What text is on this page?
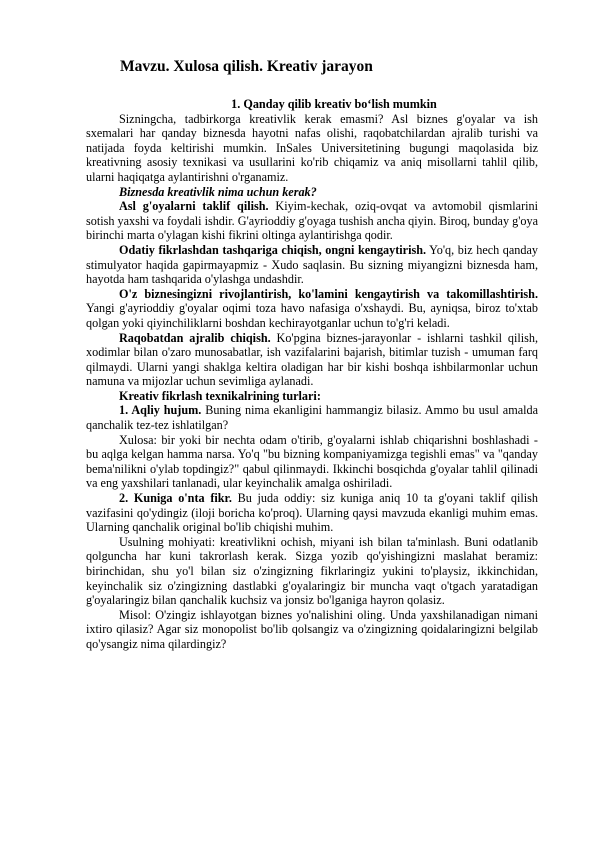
Mavzu. Xulosa qilish. Kreativ jarayon

1. Qanday qilib kreativ bo‘lish mumkin

Sizningcha, tadbirkorga kreativlik kerak emasmi? Asl biznes g'oyalar va ish sxemalari har qanday biznesda hayotni nafas olishi, raqobatchilardan ajralib turishi va natijada foyda keltirishi mumkin. InSales Universitetining bugungi maqolasida biz kreativning asosiy texnikasi va usullarini ko'rib chiqamiz va aniq misollarni tahlil qilib, ularni haqiqatga aylantirishni o'rganamiz.

Biznesda kreativlik nima uchun kerak?

Asl g'oyalarni taklif qilish. Kiyim-kechak, oziq-ovqat va avtomobil qismlarini sotish yaxshi va foydali ishdir. G'ayrioddiy g'oyaga tushish ancha qiyin. Biroq, bunday g'oya birinchi marta o'ylagan kishi fikrini oltinga aylantirishga qodir.

Odatiy fikrlashdan tashqariga chiqish, ongni kengaytirish. Yo'q, biz hech qanday stimulyator haqida gapirmayapmiz - Xudo saqlasin. Bu sizning miyangizni biznesda ham, hayotda ham tashqarida o'ylashga undashdir.

O'z biznesingizni rivojlantirish, ko'lamini kengaytirish va takomillashtirish. Yangi g'ayrioddiy g'oyalar oqimi toza havo nafasiga o'xshaydi. Bu, ayniqsa, biroz to'xtab qolgan yoki qiyinchiliklarni boshdan kechirayotganlar uchun to'g'ri keladi.

Raqobatdan ajralib chiqish. Ko'pgina biznes-jarayonlar - ishlarni tashkil qilish, xodimlar bilan o'zaro munosabatlar, ish vazifalarini bajarish, bitimlar tuzish - umuman farq qilmaydi. Ularni yangi shaklga keltira oladigan har bir kishi boshqa ishbilarmonlar uchun namuna va mijozlar uchun sevimliga aylanadi.

Kreativ fikrlash texnikalrining turlari:

1. Aqliy hujum. Buning nima ekanligini hammangiz bilasiz. Ammo bu usul amalda qanchalik tez-tez ishlatilgan?

Xulosa: bir yoki bir nechta odam o'tirib, g'oyalarni ishlab chiqarishni boshlashadi - bu aqlga kelgan hamma narsa. Yo'q "bu bizning kompaniyamizga tegishli emas" va "qanday bema'nilikni o'ylab topdingiz?" qabul qilinmaydi. Ikkinchi bosqichda g'oyalar tahlil qilinadi va eng yaxshilari tanlanadi, ular keyinchalik amalga oshiriladi.

2. Kuniga o'nta fikr. Bu juda oddiy: siz kuniga aniq 10 ta g'oyani taklif qilish vazifasini qo'ydingiz (iloji boricha ko'proq). Ularning qaysi mavzuda ekanligi muhim emas. Ularning qanchalik original bo'lib chiqishi muhim.

Usulning mohiyati: kreativlikni ochish, miyani ish bilan ta'minlash. Buni odatlanib qolguncha har kuni takrorlash kerak. Sizga yozib qo'yishingizni maslahat beramiz: birinchidan, shu yo'l bilan siz o'zingizning fikrlaringiz yukini to'playsiz, ikkinchidan, keyinchalik siz o'zingizning dastlabki g'oyalaringiz bir muncha vaqt o'tgach yaratadigan g'oyalaringiz bilan qanchalik kuchsiz va jonsiz bo'lganiga hayron qolasiz.

Misol: O'zingiz ishlayotgan biznes yo'nalishini oling. Unda yaxshilanadigan nimani ixtiro qilasiz? Agar siz monopolist bo'lib qolsangiz va o'zingizning qoidalaringizni belgilab qo'ysangiz nima qilardingiz?
